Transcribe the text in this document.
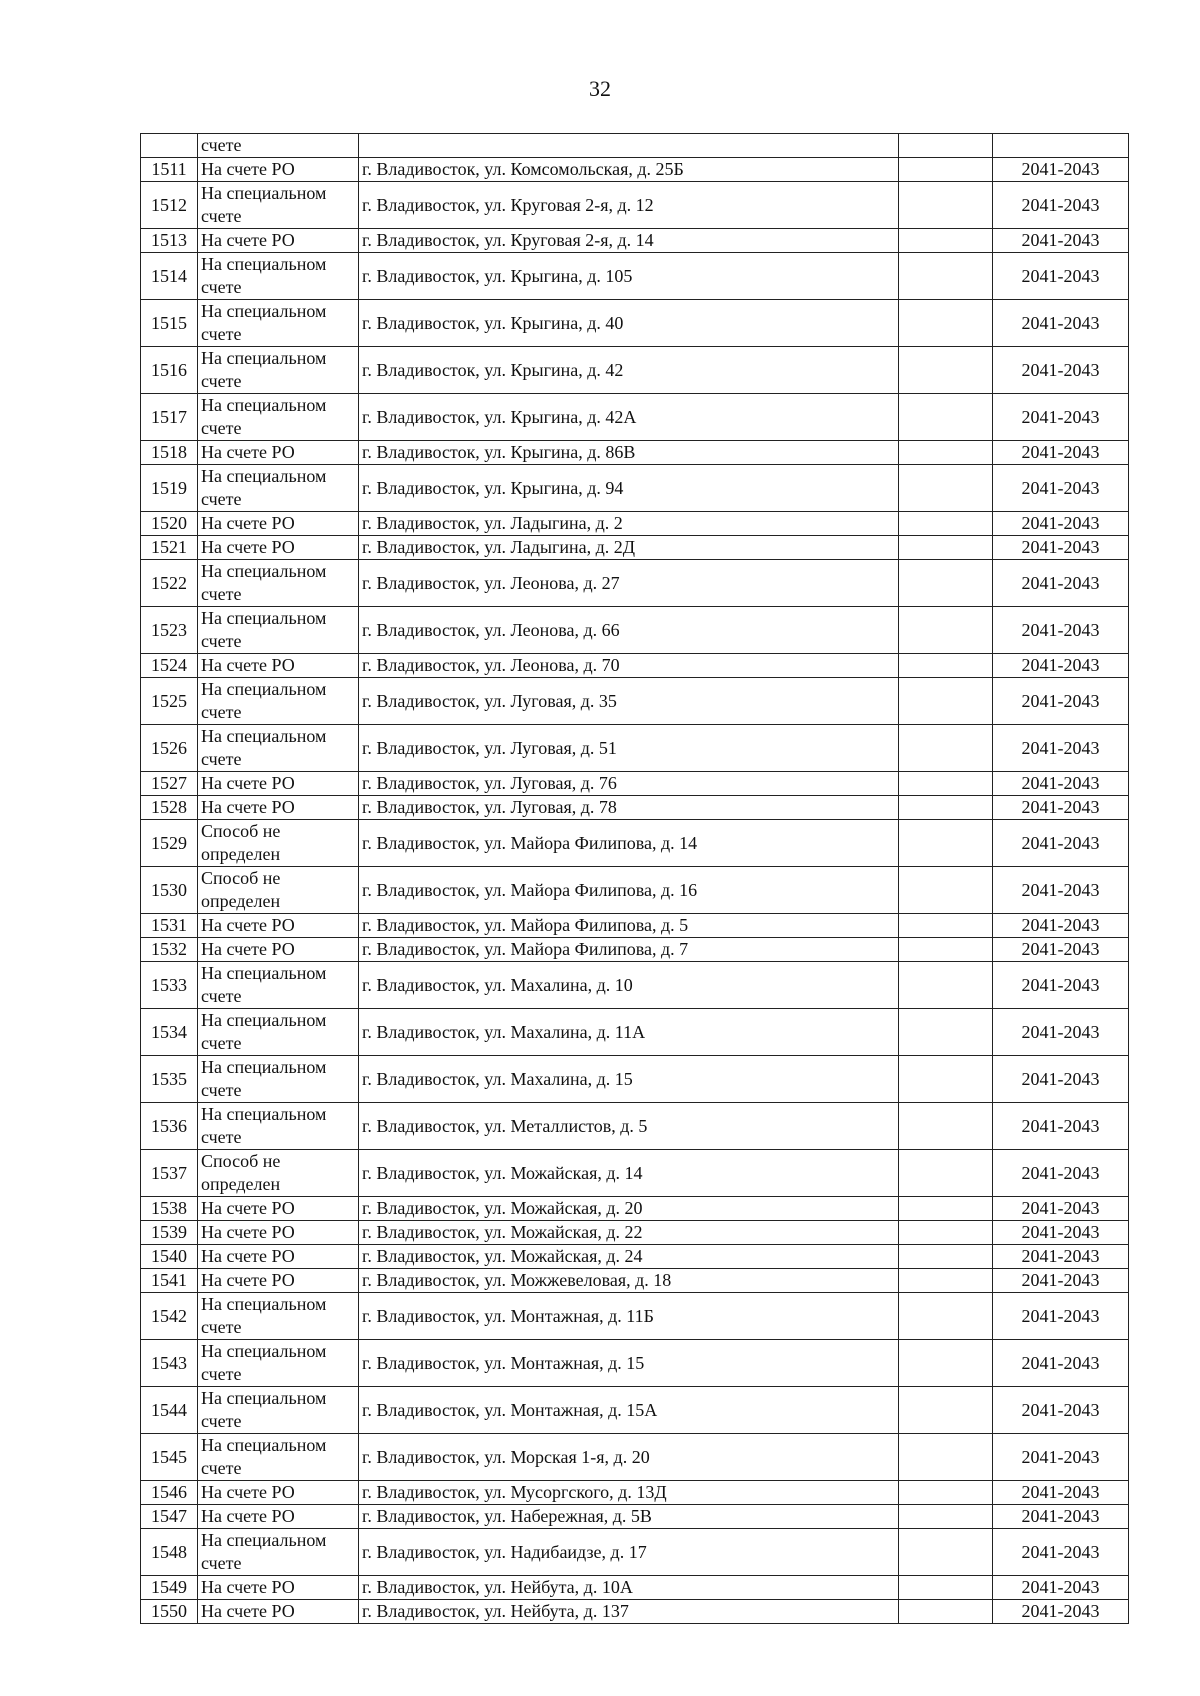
32
	счете			
1511	На счете РО	г. Владивосток, ул. Комсомольская, д. 25Б		2041-2043
1512	На специальном счете	г. Владивосток, ул. Круговая 2-я, д. 12		2041-2043
1513	На счете РО	г. Владивосток, ул. Круговая 2-я, д. 14		2041-2043
1514	На специальном счете	г. Владивосток, ул. Крыгина, д. 105		2041-2043
1515	На специальном счете	г. Владивосток, ул. Крыгина, д. 40		2041-2043
1516	На специальном счете	г. Владивосток, ул. Крыгина, д. 42		2041-2043
1517	На специальном счете	г. Владивосток, ул. Крыгина, д. 42А		2041-2043
1518	На счете РО	г. Владивосток, ул. Крыгина, д. 86В		2041-2043
1519	На специальном счете	г. Владивосток, ул. Крыгина, д. 94		2041-2043
1520	На счете РО	г. Владивосток, ул. Ладыгина, д. 2		2041-2043
1521	На счете РО	г. Владивосток, ул. Ладыгина, д. 2Д		2041-2043
1522	На специальном счете	г. Владивосток, ул. Леонова, д. 27		2041-2043
1523	На специальном счете	г. Владивосток, ул. Леонова, д. 66		2041-2043
1524	На счете РО	г. Владивосток, ул. Леонова, д. 70		2041-2043
1525	На специальном счете	г. Владивосток, ул. Луговая, д. 35		2041-2043
1526	На специальном счете	г. Владивосток, ул. Луговая, д. 51		2041-2043
1527	На счете РО	г. Владивосток, ул. Луговая, д. 76		2041-2043
1528	На счете РО	г. Владивосток, ул. Луговая, д. 78		2041-2043
1529	Способ не определен	г. Владивосток, ул. Майора Филипова, д. 14		2041-2043
1530	Способ не определен	г. Владивосток, ул. Майора Филипова, д. 16		2041-2043
1531	На счете РО	г. Владивосток, ул. Майора Филипова, д. 5		2041-2043
1532	На счете РО	г. Владивосток, ул. Майора Филипова, д. 7		2041-2043
1533	На специальном счете	г. Владивосток, ул. Махалина, д. 10		2041-2043
1534	На специальном счете	г. Владивосток, ул. Махалина, д. 11А		2041-2043
1535	На специальном счете	г. Владивосток, ул. Махалина, д. 15		2041-2043
1536	На специальном счете	г. Владивосток, ул. Металлистов, д. 5		2041-2043
1537	Способ не определен	г. Владивосток, ул. Можайская, д. 14		2041-2043
1538	На счете РО	г. Владивосток, ул. Можайская, д. 20		2041-2043
1539	На счете РО	г. Владивосток, ул. Можайская, д. 22		2041-2043
1540	На счете РО	г. Владивосток, ул. Можайская, д. 24		2041-2043
1541	На счете РО	г. Владивосток, ул. Можжевеловая, д. 18		2041-2043
1542	На специальном счете	г. Владивосток, ул. Монтажная, д. 11Б		2041-2043
1543	На специальном счете	г. Владивосток, ул. Монтажная, д. 15		2041-2043
1544	На специальном счете	г. Владивосток, ул. Монтажная, д. 15А		2041-2043
1545	На специальном счете	г. Владивосток, ул. Морская 1-я, д. 20		2041-2043
1546	На счете РО	г. Владивосток, ул. Мусоргского, д. 13Д		2041-2043
1547	На счете РО	г. Владивосток, ул. Набережная, д. 5В		2041-2043
1548	На специальном счете	г. Владивосток, ул. Надибаидзе, д. 17		2041-2043
1549	На счете РО	г. Владивосток, ул. Нейбута, д. 10А		2041-2043
1550	На счете РО	г. Владивосток, ул. Нейбута, д. 137		2041-2043
